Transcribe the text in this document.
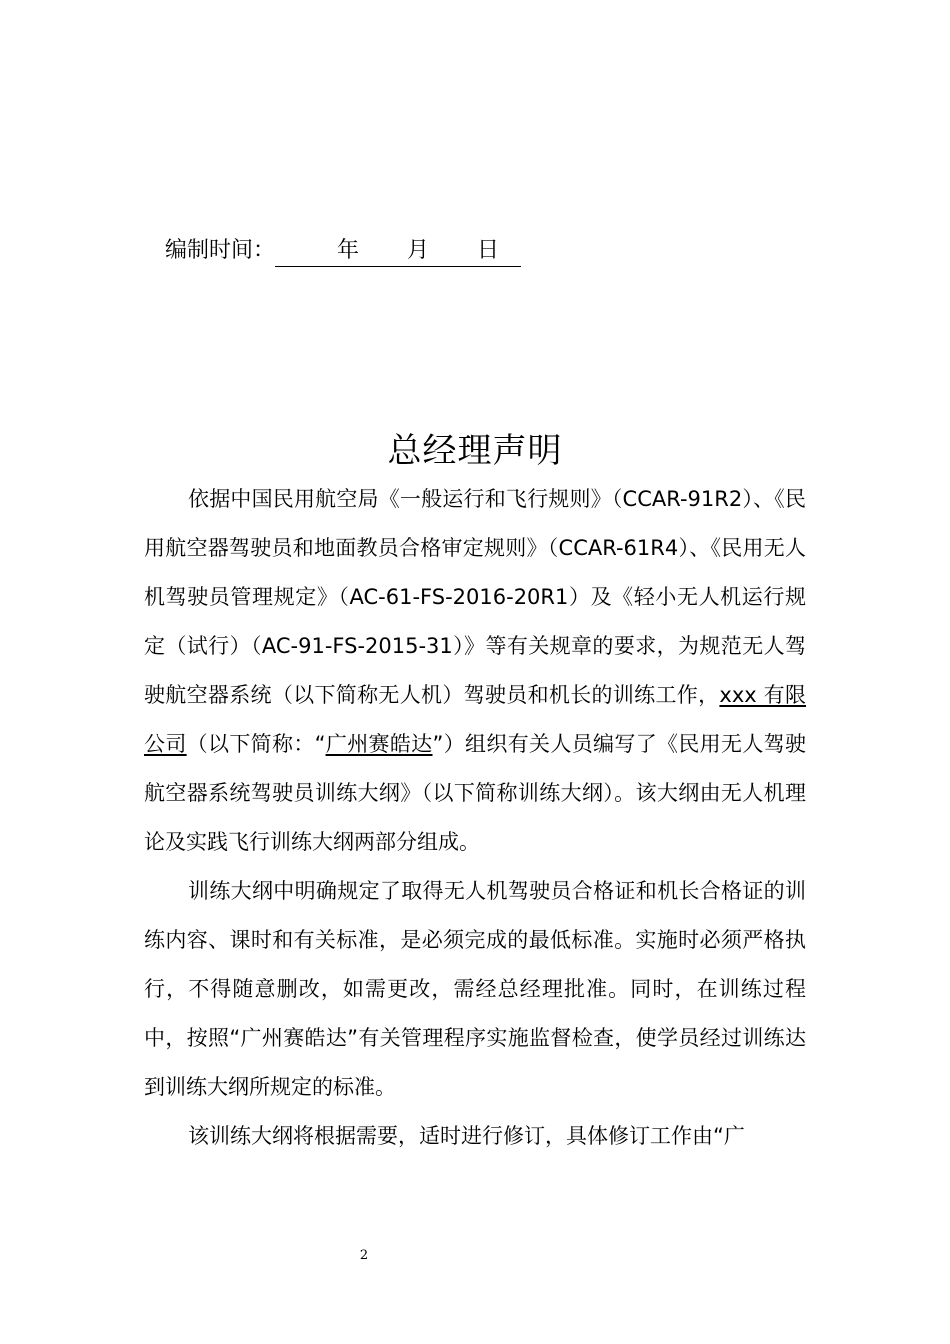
编制时间：	年 月 日
总经理声明

依据中国民用航空局《一般运行和飞行规则》（CCAR-91R2）、《民用航空器驾驶员和地面教员合格审定规则》（CCAR-61R4）、《民用无人机驾驶员管理规定》（AC-61-FS-2016-20R1）及《轻小无人机运行规定（试行）（AC-91-FS-2015-31）》等有关规章的要求，为规范无人驾驶航空器系统（以下简称无人机）驾驶员和机长的训练工作，xxx 有限公司（以下简称：“广州赛皓达”）组织有关人员编写了《民用无人驾驶航空器系统驾驶员训练大纲》（以下简称训练大纲）。该大纲由无人机理论及实践飞行训练大纲两部分组成。

训练大纲中明确规定了取得无人机驾驶员合格证和机长合格证的训练内容、课时和有关标准，是必须完成的最低标准。实施时必须严格执行，不得随意删改，如需更改，需经总经理批准。同时，在训练过程中，按照“广州赛皓达”有关管理程序实施监督检查，使学员经过训练达到训练大纲所规定的标准。

该训练大纲将根据需要，适时进行修订，具体修订工作由“广

2
